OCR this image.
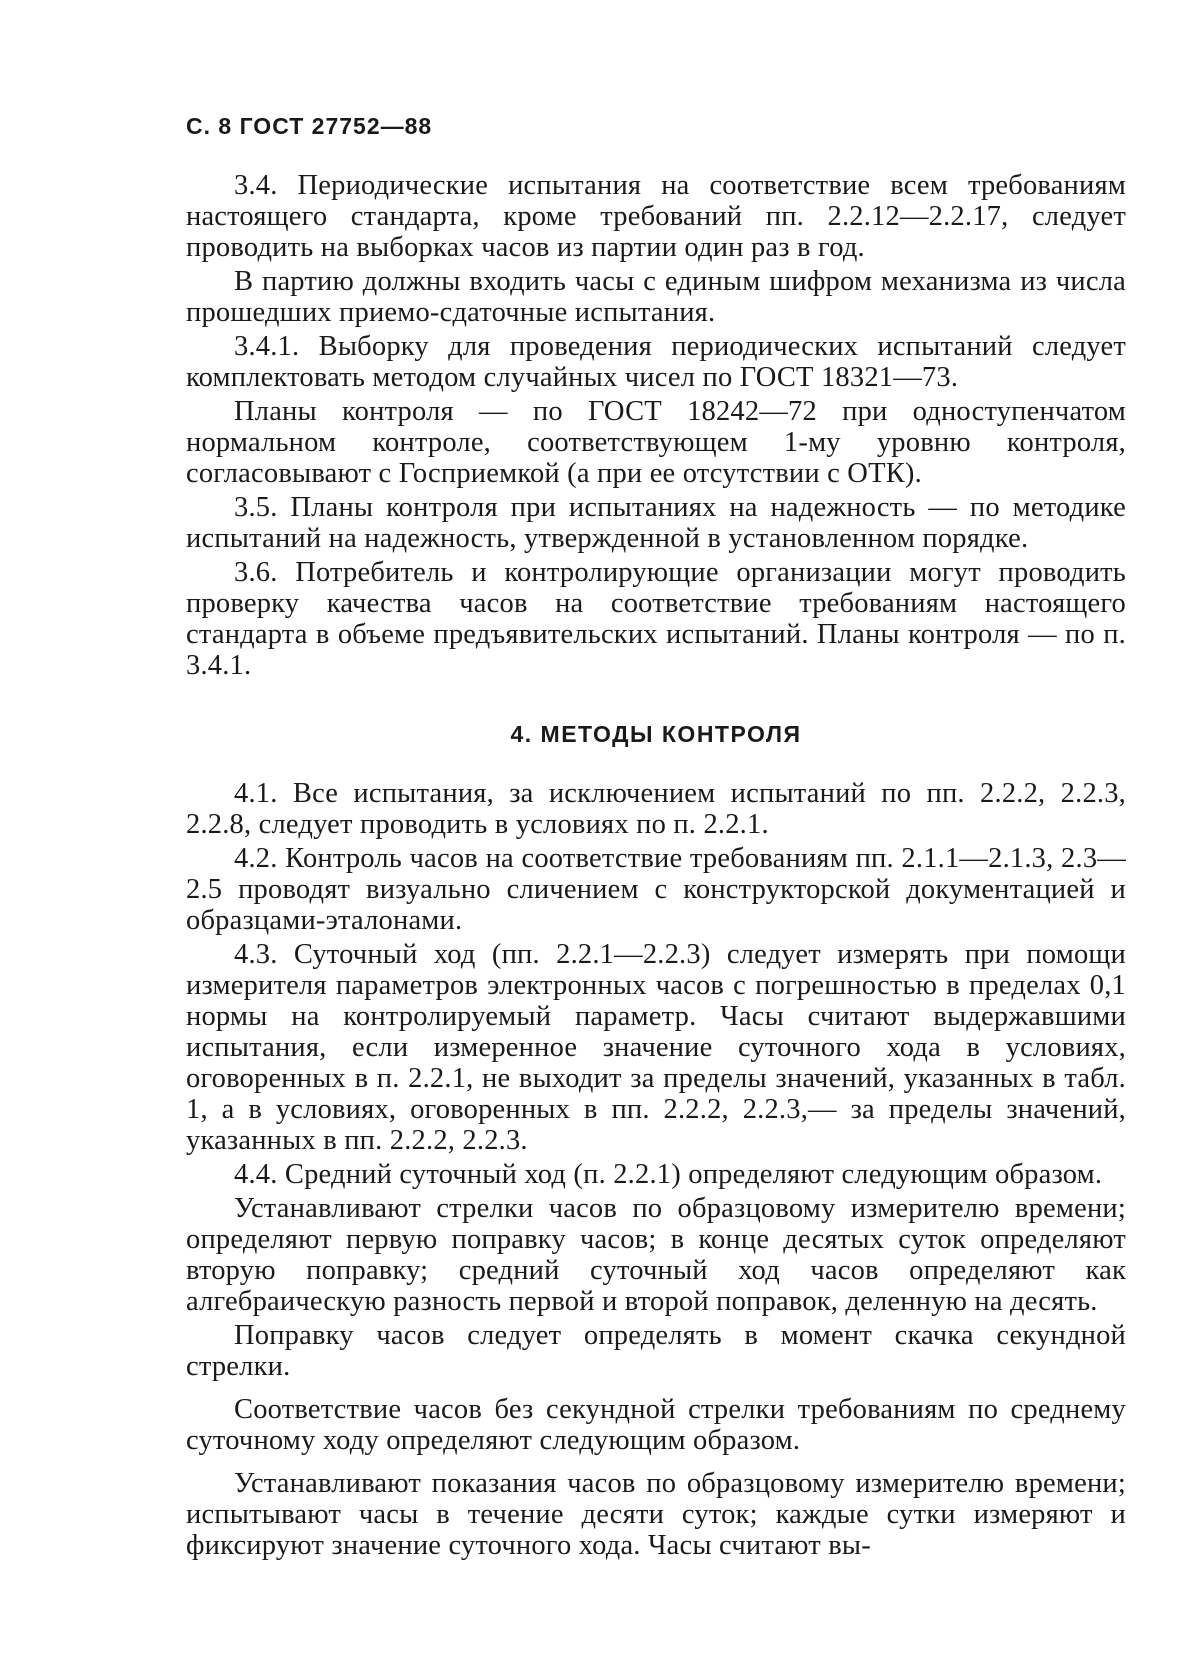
С. 8 ГОСТ 27752—88

3.4. Периодические испытания на соответствие всем требованиям настоящего стандарта, кроме требований пп. 2.2.12—2.2.17, следует проводить на выборках часов из партии один раз в год.

В партию должны входить часы с единым шифром механизма из числа прошедших приемо-сдаточные испытания.

3.4.1. Выборку для проведения периодических испытаний следует комплектовать методом случайных чисел по ГОСТ 18321—73.

Планы контроля — по ГОСТ 18242—72 при одноступенчатом нормальном контроле, соответствующем 1-му уровню контроля, согласовывают с Госприемкой (а при ее отсутствии с ОТК).

3.5. Планы контроля при испытаниях на надежность — по методике испытаний на надежность, утвержденной в установленном порядке.

3.6. Потребитель и контролирующие организации могут проводить проверку качества часов на соответствие требованиям настоящего стандарта в объеме предъявительских испытаний. Планы контроля — по п. 3.4.1.

4. МЕТОДЫ КОНТРОЛЯ

4.1. Все испытания, за исключением испытаний по пп. 2.2.2, 2.2.3, 2.2.8, следует проводить в условиях по п. 2.2.1.

4.2. Контроль часов на соответствие требованиям пп. 2.1.1—2.1.3, 2.3—2.5 проводят визуально сличением с конструкторской документацией и образцами-эталонами.

4.3. Суточный ход (пп. 2.2.1—2.2.3) следует измерять при помощи измерителя параметров электронных часов с погрешностью в пределах 0,1 нормы на контролируемый параметр. Часы считают выдержавшими испытания, если измеренное значение суточного хода в условиях, оговоренных в п. 2.2.1, не выходит за пределы значений, указанных в табл. 1, а в условиях, оговоренных в пп. 2.2.2, 2.2.3,— за пределы значений, указанных в пп. 2.2.2, 2.2.3.

4.4. Средний суточный ход (п. 2.2.1) определяют следующим образом.

Устанавливают стрелки часов по образцовому измерителю времени; определяют первую поправку часов; в конце десятых суток определяют вторую поправку; средний суточный ход часов определяют как алгебраическую разность первой и второй поправок, деленную на десять.

Поправку часов следует определять в момент скачка секундной стрелки.

Соответствие часов без секундной стрелки требованиям по среднему суточному ходу определяют следующим образом.

Устанавливают показания часов по образцовому измерителю времени; испытывают часы в течение десяти суток; каждые сутки измеряют и фиксируют значение суточного хода. Часы считают вы-
